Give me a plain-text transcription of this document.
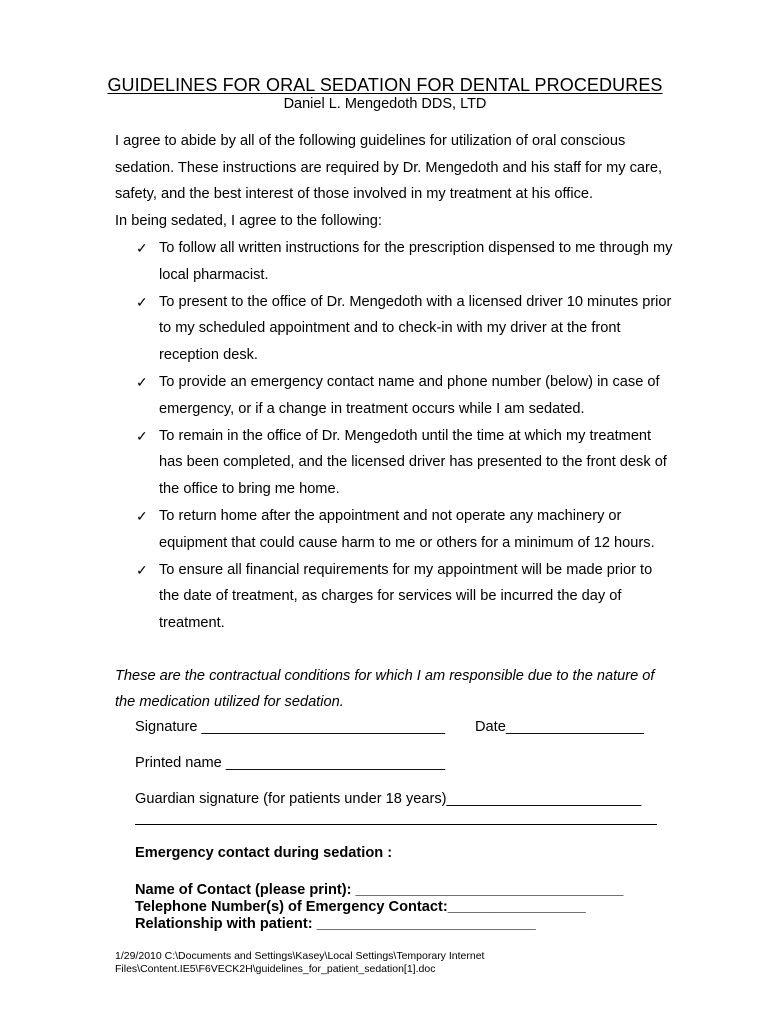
GUIDELINES FOR ORAL SEDATION FOR DENTAL PROCEDURES
Daniel L. Mengedoth DDS, LTD

I agree to abide by all of the following guidelines for utilization of oral conscious sedation. These instructions are required by Dr. Mengedoth and his staff for my care, safety, and the best interest of those involved in my treatment at his office.

In being sedated, I agree to the following:

✓ To follow all written instructions for the prescription dispensed to me through my local pharmacist.
✓ To present to the office of Dr. Mengedoth with a licensed driver 10 minutes prior to my scheduled appointment and to check-in with my driver at the front reception desk.
✓ To provide an emergency contact name and phone number (below) in case of emergency, or if a change in treatment occurs while I am sedated.
✓ To remain in the office of Dr. Mengedoth until the time at which my treatment has been completed, and the licensed driver has presented to the front desk of the office to bring me home.
✓ To return home after the appointment and not operate any machinery or equipment that could cause harm to me or others for a minimum of 12 hours.
✓ To ensure all financial requirements for my appointment will be made prior to the date of treatment, as charges for services will be incurred the day of treatment.
These are the contractual conditions for which I am responsible due to the nature of the medication utilized for sedation.
Signature ______________________________ Date_________________
Printed name ___________________________
Guardian signature (for patients under 18 years)________________________
Emergency contact during sedation :
Name of Contact (please print): _________________________________
Telephone Number(s) of Emergency Contact:_________________
Relationship with patient: ___________________________
1/29/2010 C:\Documents and Settings\Kasey\Local Settings\Temporary Internet
Files\Content.IE5\F6VECK2H\guidelines_for_patient_sedation[1].doc
